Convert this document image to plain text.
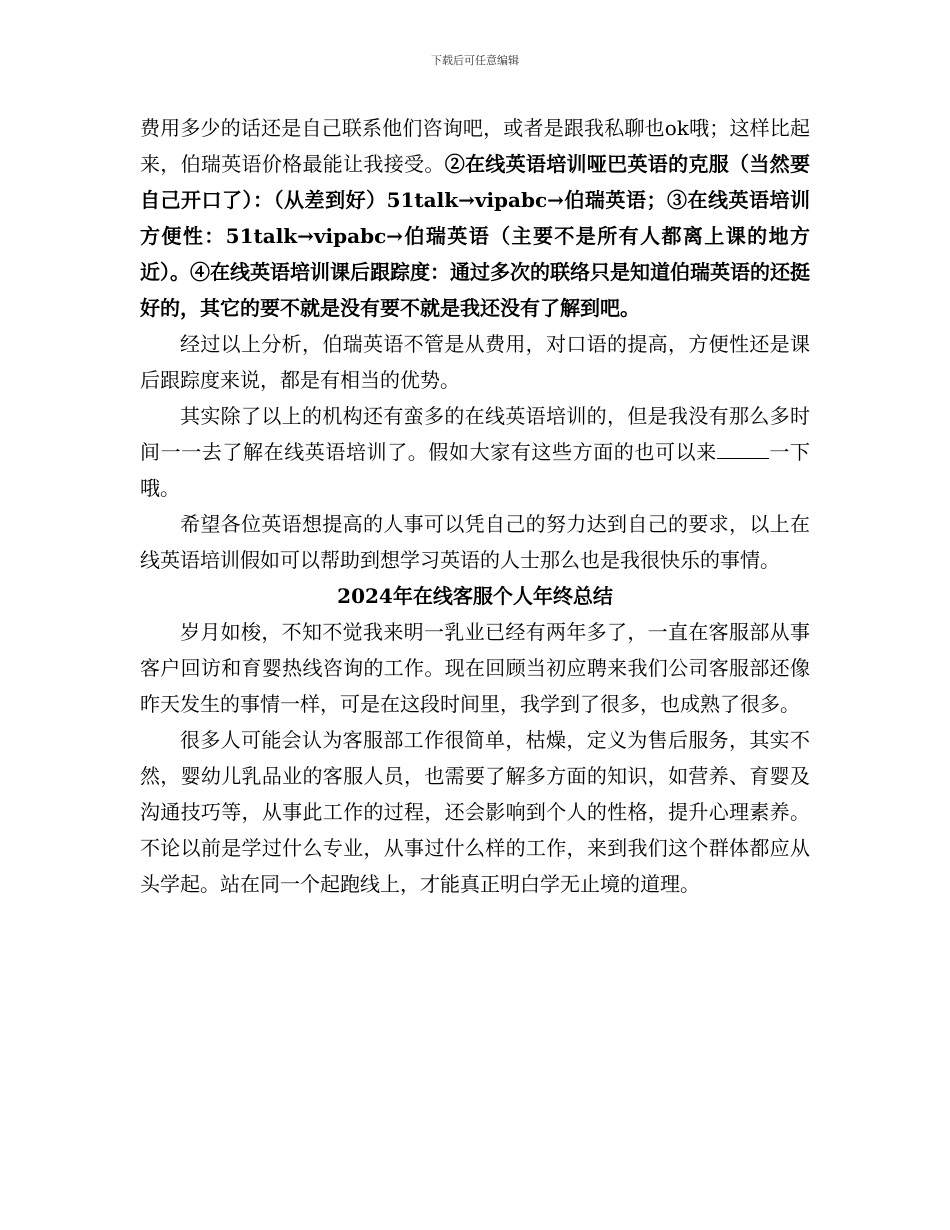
下载后可任意编辑

费用多少的话还是自己联系他们咨询吧，或者是跟我私聊也ok哦；这样比起来，伯瑞英语价格最能让我接受。②在线英语培训哑巴英语的克服（当然要自己开口了）：（从差到好）51talk→vipabc→伯瑞英语；③在线英语培训方便性：51talk→vipabc→伯瑞英语（主要不是所有人都离上课的地方近）。④在线英语培训课后跟踪度：通过多次的联络只是知道伯瑞英语的还挺好的，其它的要不就是没有要不就是我还没有了解到吧。

经过以上分析，伯瑞英语不管是从费用，对口语的提高，方便性还是课后跟踪度来说，都是有相当的优势。

其实除了以上的机构还有蛮多的在线英语培训的，但是我没有那么多时间一一去了解在线英语培训了。假如大家有这些方面的也可以来	一下哦。

希望各位英语想提高的人事可以凭自己的努力达到自己的要求，以上在线英语培训假如可以帮助到想学习英语的人士那么也是我很快乐的事情。

2024年在线客服个人年终总结

岁月如梭，不知不觉我来明一乳业已经有两年多了，一直在客服部从事客户回访和育婴热线咨询的工作。现在回顾当初应聘来我们公司客服部还像昨天发生的事情一样，可是在这段时间里，我学到了很多，也成熟了很多。

很多人可能会认为客服部工作很简单，枯燥，定义为售后服务，其实不然，婴幼儿乳品业的客服人员，也需要了解多方面的知识，如营养、育婴及沟通技巧等，从事此工作的过程，还会影响到个人的性格，提升心理素养。不论以前是学过什么专业，从事过什么样的工作，来到我们这个群体都应从头学起。站在同一个起跑线上，才能真正明白学无止境的道理。
